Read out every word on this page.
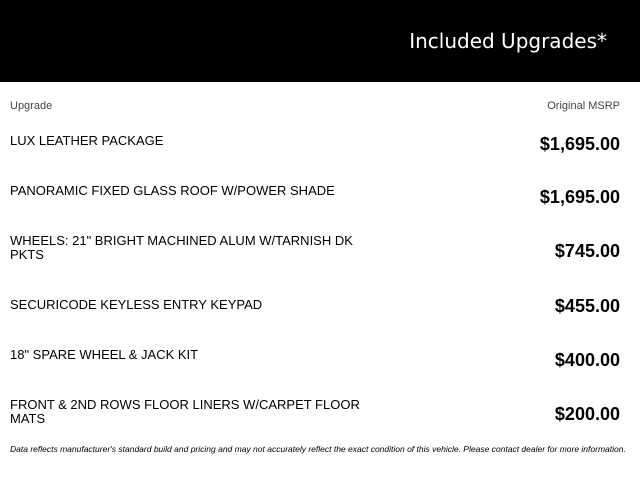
Included Upgrades*
Upgrade	Original MSRP
LUX LEATHER PACKAGE	$1,695.00
PANORAMIC FIXED GLASS ROOF W/POWER SHADE	$1,695.00
WHEELS: 21" BRIGHT MACHINED ALUM W/TARNISH DK PKTS	$745.00
SECURICODE KEYLESS ENTRY KEYPAD	$455.00
18" SPARE WHEEL & JACK KIT	$400.00
FRONT & 2ND ROWS FLOOR LINERS W/CARPET FLOOR MATS	$200.00
Data reflects manufacturer's standard build and pricing and may not accurately reflect the exact condition of this vehicle. Please contact dealer for more information.
